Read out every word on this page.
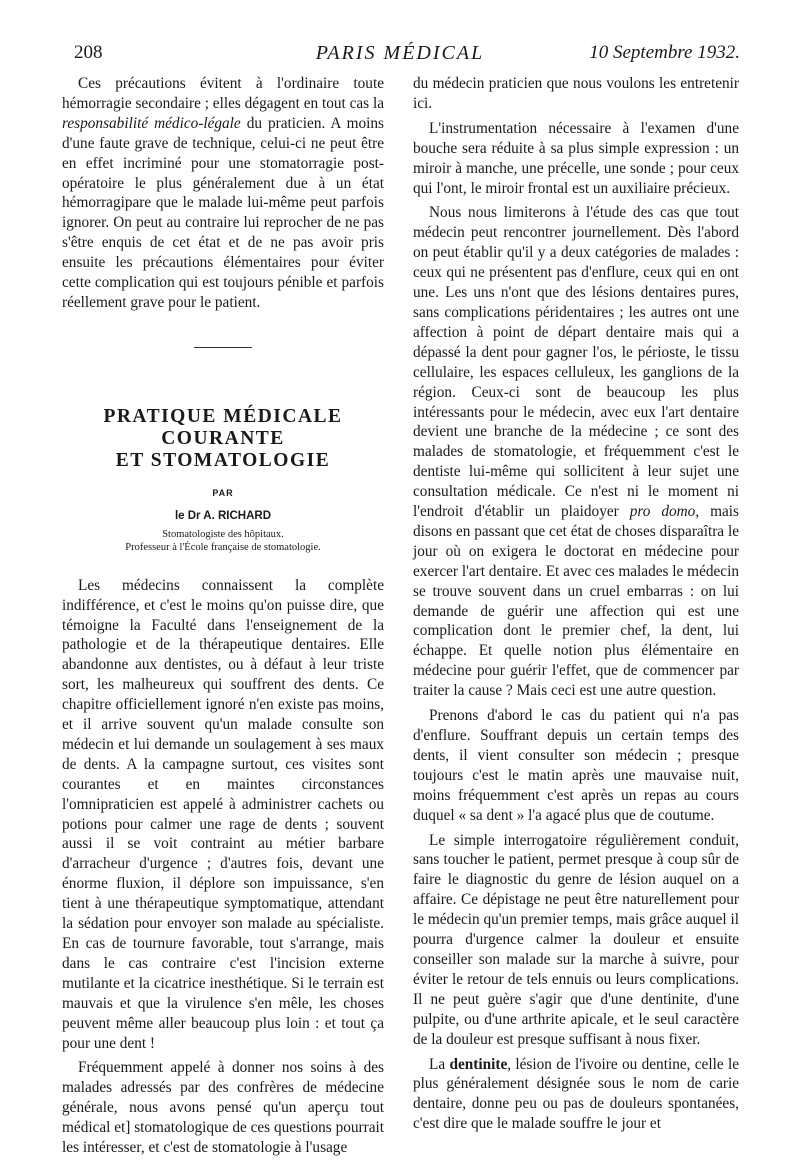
208	PARIS MÉDICAL	10 Septembre 1932.

Ces précautions évitent à l'ordinaire toute hémorragie secondaire ; elles dégagent en tout cas la responsabilité médico-légale du praticien. A moins d'une faute grave de technique, celui-ci ne peut être en effet incriminé pour une stomatorragie post-opératoire le plus généralement due à un état hémorragipare que le malade lui-même peut parfois ignorer. On peut au contraire lui reprocher de ne pas s'être enquis de cet état et de ne pas avoir pris ensuite les précautions élémentaires pour éviter cette complication qui est toujours pénible et parfois réellement grave pour le patient.

PRATIQUE MÉDICALE
COURANTE
ET STOMATOLOGIE
PAR
le Dr A. RICHARD
Stomatologiste des hôpitaux.
Professeur à l'École française de stomatologie.

Les médecins connaissent la complète indifférence, et c'est le moins qu'on puisse dire, que témoigne la Faculté dans l'enseignement de la pathologie et de la thérapeutique dentaires. Elle abandonne aux dentistes, ou à défaut à leur triste sort, les malheureux qui souffrent des dents. Ce chapitre officiellement ignoré n'en existe pas moins, et il arrive souvent qu'un malade consulte son médecin et lui demande un soulagement à ses maux de dents. A la campagne surtout, ces visites sont courantes et en maintes circonstances l'omnipraticien est appelé à administrer cachets ou potions pour calmer une rage de dents ; souvent aussi il se voit contraint au métier barbare d'arracheur d'urgence ; d'autres fois, devant une énorme fluxion, il déplore son impuissance, s'en tient à une thérapeutique symptomatique, attendant la sédation pour envoyer son malade au spécialiste. En cas de tournure favorable, tout s'arrange, mais dans le cas contraire c'est l'incision externe mutilante et la cicatrice inesthétique. Si le terrain est mauvais et que la virulence s'en mêle, les choses peuvent même aller beaucoup plus loin : et tout ça pour une dent !

Fréquemment appelé à donner nos soins à des malades adressés par des confrères de médecine générale, nous avons pensé qu'un aperçu tout médical et] stomatologique de ces questions pourrait les intéresser, et c'est de stomatologie à l'usage

du médecin praticien que nous voulons les entretenir ici.

L'instrumentation nécessaire à l'examen d'une bouche sera réduite à sa plus simple expression : un miroir à manche, une précelle, une sonde ; pour ceux qui l'ont, le miroir frontal est un auxiliaire précieux.

Nous nous limiterons à l'étude des cas que tout médecin peut rencontrer journellement. Dès l'abord on peut établir qu'il y a deux catégories de malades : ceux qui ne présentent pas d'enflure, ceux qui en ont une. Les uns n'ont que des lésions dentaires pures, sans complications péridentaires ; les autres ont une affection à point de départ dentaire mais qui a dépassé la dent pour gagner l'os, le périoste, le tissu cellulaire, les espaces celluleux, les ganglions de la région. Ceux-ci sont de beaucoup les plus intéressants pour le médecin, avec eux l'art dentaire devient une branche de la médecine ; ce sont des malades de stomatologie, et fréquemment c'est le dentiste lui-même qui sollicitent à leur sujet une consultation médicale. Ce n'est ni le moment ni l'endroit d'établir un plaidoyer pro domo, mais disons en passant que cet état de choses disparaîtra le jour où on exigera le doctorat en médecine pour exercer l'art dentaire. Et avec ces malades le médecin se trouve souvent dans un cruel embarras : on lui demande de guérir une affection qui est une complication dont le premier chef, la dent, lui échappe. Et quelle notion plus élémentaire en médecine pour guérir l'effet, que de commencer par traiter la cause ? Mais ceci est une autre question.

Prenons d'abord le cas du patient qui n'a pas d'enflure. Souffrant depuis un certain temps des dents, il vient consulter son médecin ; presque toujours c'est le matin après une mauvaise nuit, moins fréquemment c'est après un repas au cours duquel « sa dent » l'a agacé plus que de coutume.

Le simple interrogatoire régulièrement conduit, sans toucher le patient, permet presque à coup sûr de faire le diagnostic du genre de lésion auquel on a affaire. Ce dépistage ne peut être naturellement pour le médecin qu'un premier temps, mais grâce auquel il pourra d'urgence calmer la douleur et ensuite conseiller son malade sur la marche à suivre, pour éviter le retour de tels ennuis ou leurs complications. Il ne peut guère s'agir que d'une dentinite, d'une pulpite, ou d'une arthrite apicale, et le seul caractère de la douleur est presque suffisant à nous fixer.

La dentinite, lésion de l'ivoire ou dentine, celle le plus généralement désignée sous le nom de carie dentaire, donne peu ou pas de douleurs spontanées, c'est dire que le malade souffre le jour et
